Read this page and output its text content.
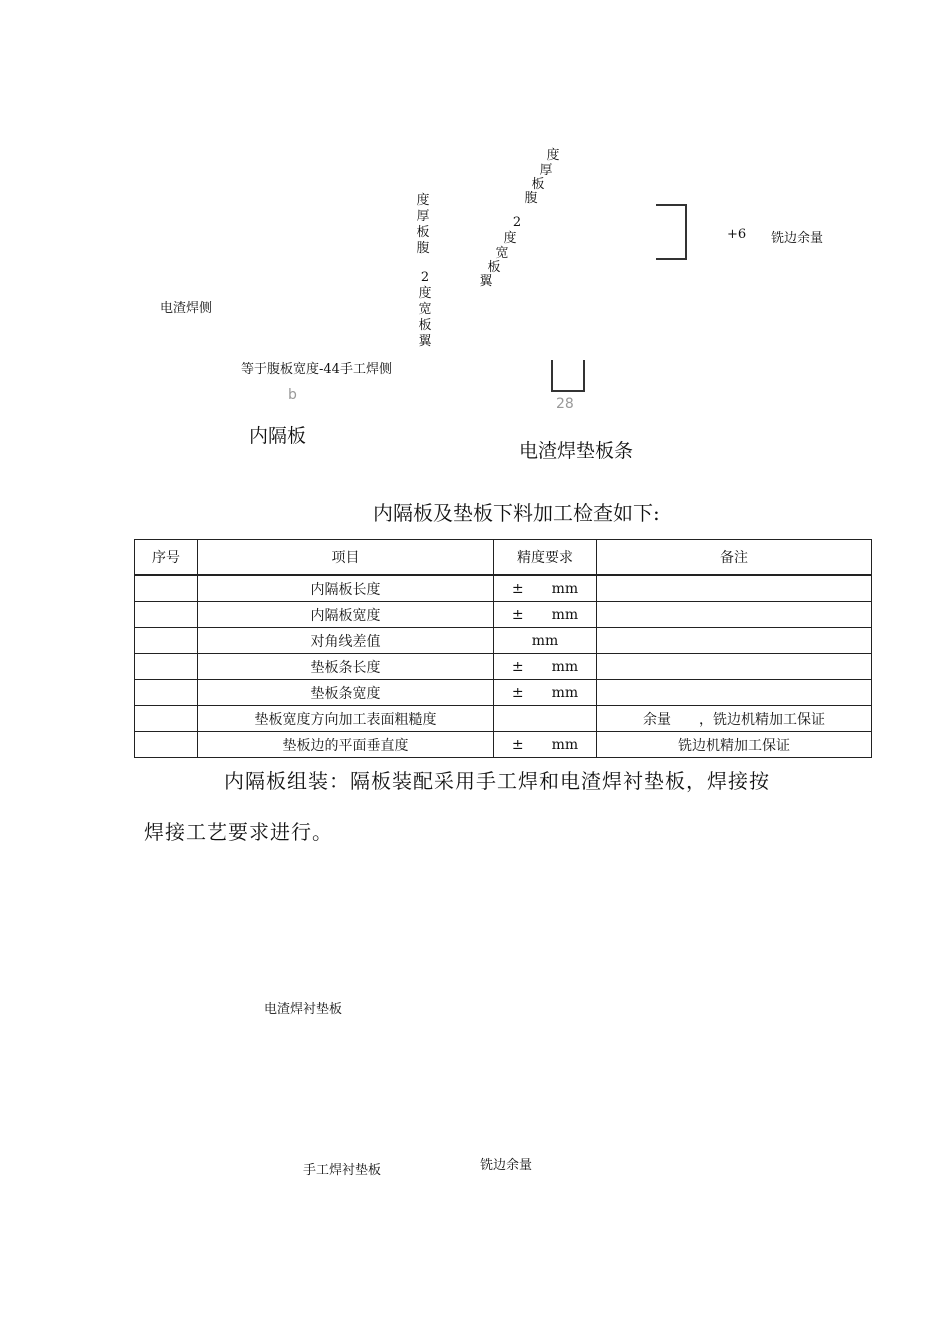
度
厚
板
腹
2
度
宽
板
翼
度
厚
板
腹
2
度
宽
板
翼
电渣焊侧
等于腹板宽度-44手工焊侧
b
内隔板
+6 铣边余量
28
电渣焊垫板条
内隔板及垫板下料加工检查如下:
序号	项目	精度要求	备注
	内隔板长度	±   mm	
	内隔板宽度	±   mm	
	对角线差值	mm	
	垫板条长度	±   mm	
	垫板条宽度	±   mm	
	垫板宽度方向加工表面粗糙度		余量　　，铣边机精加工保证
	垫板边的平面垂直度	±   mm	铣边机精加工保证
内隔板组装：隔板装配采用手工焊和电渣焊衬垫板，焊接按
焊接工艺要求进行。
电渣焊衬垫板
手工焊衬垫板	铣边余量
